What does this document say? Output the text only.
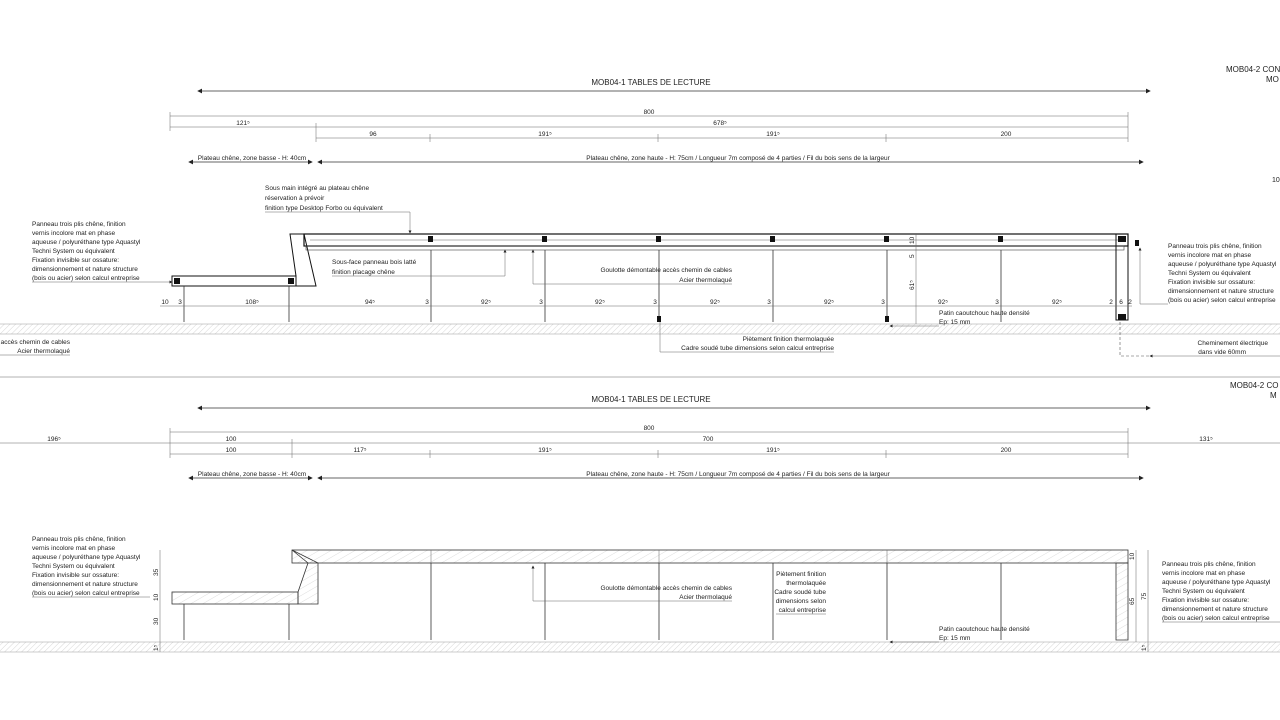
MOB04-1 TABLES DE LECTURE
MOB04-2 CON
MO
10
800
121⁵	678⁵
96	191⁵	191⁵	200
Plateau chêne, zone basse - H: 40cm	Plateau chêne, zone haute - H: 75cm / Longueur 7m composé de 4 parties / Fil du bois sens de la largeur
Sous main intégré au plateau chêne
réservation à prévoir
finition type Desktop Forbo ou équivalent
Panneau trois plis chêne, finition
vernis incolore mat en phase
aqueuse / polyuréthane type Aquastyl
Techni System ou équivalent
Fixation invisible sur ossature:
dimensionnement et nature structure
(bois ou acier) selon calcul entreprise
Panneau trois plis chêne, finition
vernis incolore mat en phase
aqueuse / polyuréthane type Aquastyl
Techni System ou équivalent
Fixation invisible sur ossature:
dimensionnement et nature structure
(bois ou acier) selon calcul entreprise
Sous-face panneau bois latté
finition placage chêne	Goulotte démontable accès chemin de cables
Acier thermolaqué
10 3	108⁵	94⁵	3	92⁵	3	92⁵	3	92⁵	3	92⁵	3	92⁵	3	92⁵	2 6 2
61⁵
5
10
Patin caoutchouc haute densité
Ep: 15 mm
Piètement finition thermolaquée
Cadre soudé tube dimensions selon calcul entreprise
accès chemin de cables
Acier thermolaqué
Cheminement électrique
dans vide 60mm
MOB04-1 TABLES DE LECTURE
MOB04-2 CO
M
800
196⁵	100	700	131⁵
100	117⁵	191⁵	191⁵	200
Plateau chêne, zone basse - H: 40cm	Plateau chêne, zone haute - H: 75cm / Longueur 7m composé de 4 parties / Fil du bois sens de la largeur
Panneau trois plis chêne, finition
vernis incolore mat en phase
aqueuse / polyuréthane type Aquastyl
Techni System ou équivalent
Fixation invisible sur ossature:
dimensionnement et nature structure
(bois ou acier) selon calcul entreprise
35
10
30
1⁵
Goulotte démontable accès chemin de cables
Acier thermolaqué
Piètement finition
thermolaquée
Cadre soudé tube
dimensions selon
calcul entreprise
Patin caoutchouc haute densité
Ep: 15 mm
10
65
75
1⁵
Panneau trois plis chêne, finition
vernis incolore mat en phase
aqueuse / polyuréthane type Aquastyl
Techni System ou équivalent
Fixation invisible sur ossature:
dimensionnement et nature structure
(bois ou acier) selon calcul entreprise
